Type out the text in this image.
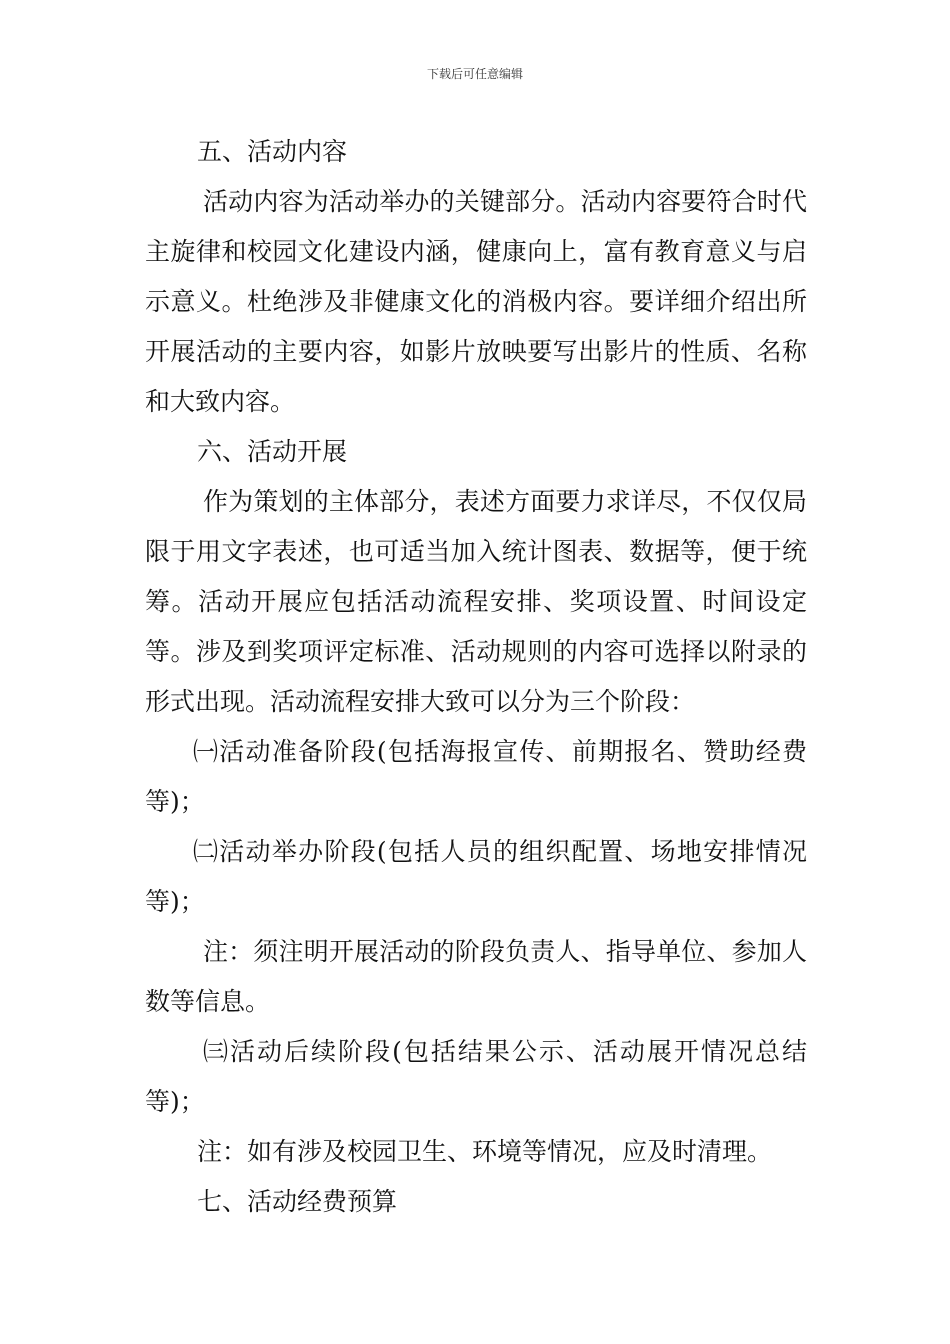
下载后可任意编辑

五、活动内容

活动内容为活动举办的关键部分。活动内容要符合时代主旋律和校园文化建设内涵，健康向上，富有教育意义与启示意义。杜绝涉及非健康文化的消极内容。要详细介绍出所开展活动的主要内容，如影片放映要写出影片的性质、名称和大致内容。

六、活动开展

作为策划的主体部分，表述方面要力求详尽，不仅仅局限于用文字表述，也可适当加入统计图表、数据等，便于统筹。活动开展应包括活动流程安排、奖项设置、时间设定等。涉及到奖项评定标准、活动规则的内容可选择以附录的形式出现。活动流程安排大致可以分为三个阶段：

㈠活动准备阶段(包括海报宣传、前期报名、赞助经费等)；

㈡活动举办阶段(包括人员的组织配置、场地安排情况等)；

注：须注明开展活动的阶段负责人、指导单位、参加人数等信息。

㈢活动后续阶段(包括结果公示、活动展开情况总结等)；

注：如有涉及校园卫生、环境等情况，应及时清理。

七、活动经费预算
